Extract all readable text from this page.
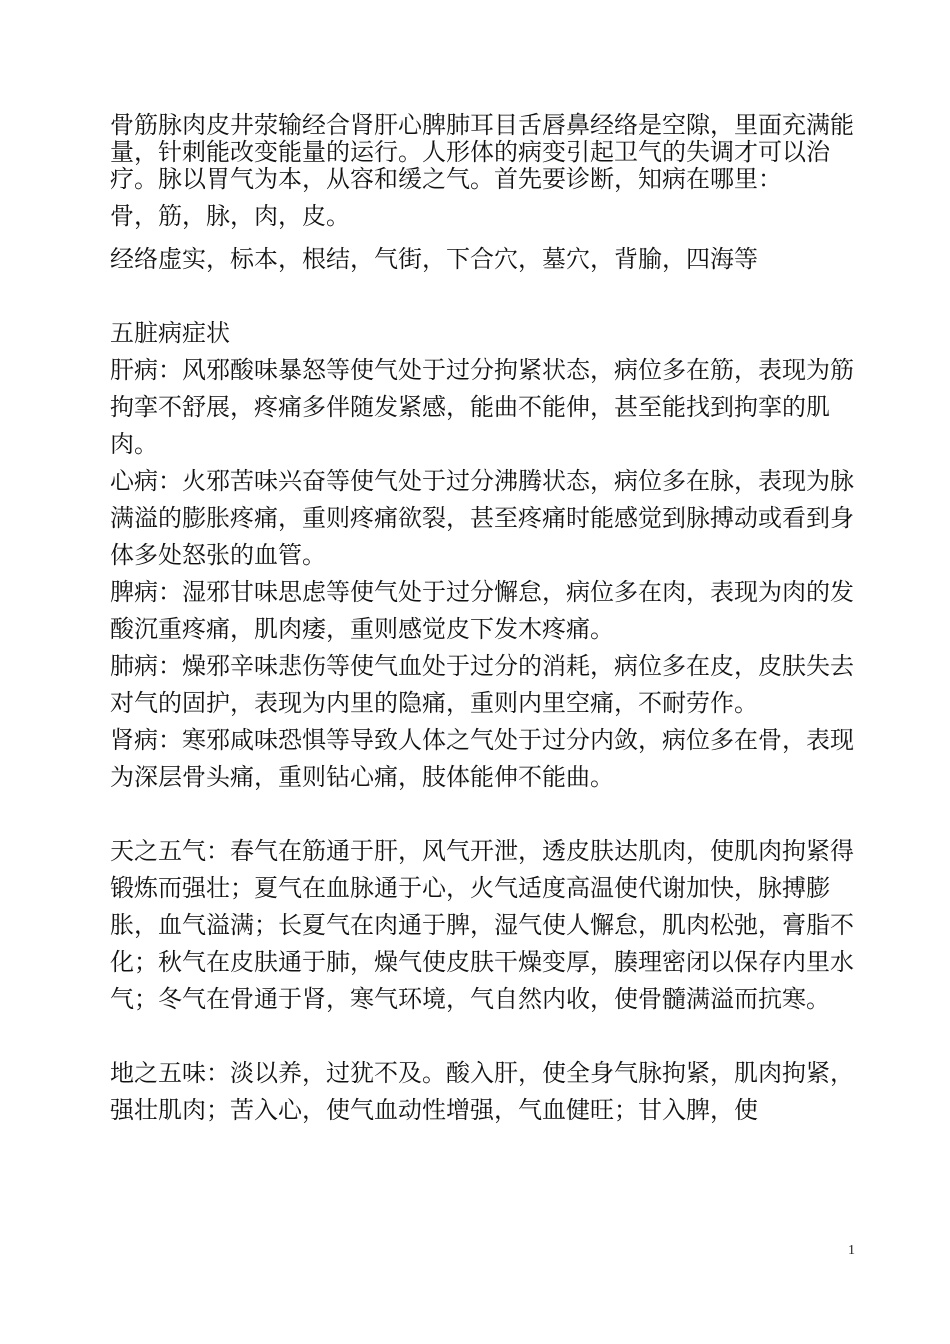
骨筋脉肉皮井荥输经合肾肝心脾肺耳目舌唇鼻经络是空隙，里面充满能量，针刺能改变能量的运行。人形体的病变引起卫气的失调才可以治疗。脉以胃气为本，从容和缓之气。首先要诊断，知病在哪里：

骨，筋，脉，肉，皮。

经络虚实，标本，根结，气街，下合穴，墓穴，背腧，四海等

五脏病症状

肝病：风邪酸味暴怒等使气处于过分拘紧状态，病位多在筋，表现为筋拘挛不舒展，疼痛多伴随发紧感，能曲不能伸，甚至能找到拘挛的肌肉。

心病：火邪苦味兴奋等使气处于过分沸腾状态，病位多在脉，表现为脉满溢的膨胀疼痛，重则疼痛欲裂，甚至疼痛时能感觉到脉搏动或看到身体多处怒张的血管。

脾病：湿邪甘味思虑等使气处于过分懈怠，病位多在肉，表现为肉的发酸沉重疼痛，肌肉痿，重则感觉皮下发木疼痛。

肺病：燥邪辛味悲伤等使气血处于过分的消耗，病位多在皮，皮肤失去对气的固护，表现为内里的隐痛，重则内里空痛，不耐劳作。

肾病：寒邪咸味恐惧等导致人体之气处于过分内敛，病位多在骨，表现为深层骨头痛，重则钻心痛，肢体能伸不能曲。

天之五气：春气在筋通于肝，风气开泄，透皮肤达肌肉，使肌肉拘紧得锻炼而强壮；夏气在血脉通于心，火气适度高温使代谢加快，脉搏膨胀，血气溢满；长夏气在肉通于脾，湿气使人懈怠，肌肉松弛，膏脂不化；秋气在皮肤通于肺，燥气使皮肤干燥变厚，腠理密闭以保存内里水气；冬气在骨通于肾，寒气环境，气自然内收，使骨髓满溢而抗寒。

地之五味：淡以养，过犹不及。酸入肝，使全身气脉拘紧，肌肉拘紧，强壮肌肉；苦入心，使气血动性增强，气血健旺；甘入脾，使

1
